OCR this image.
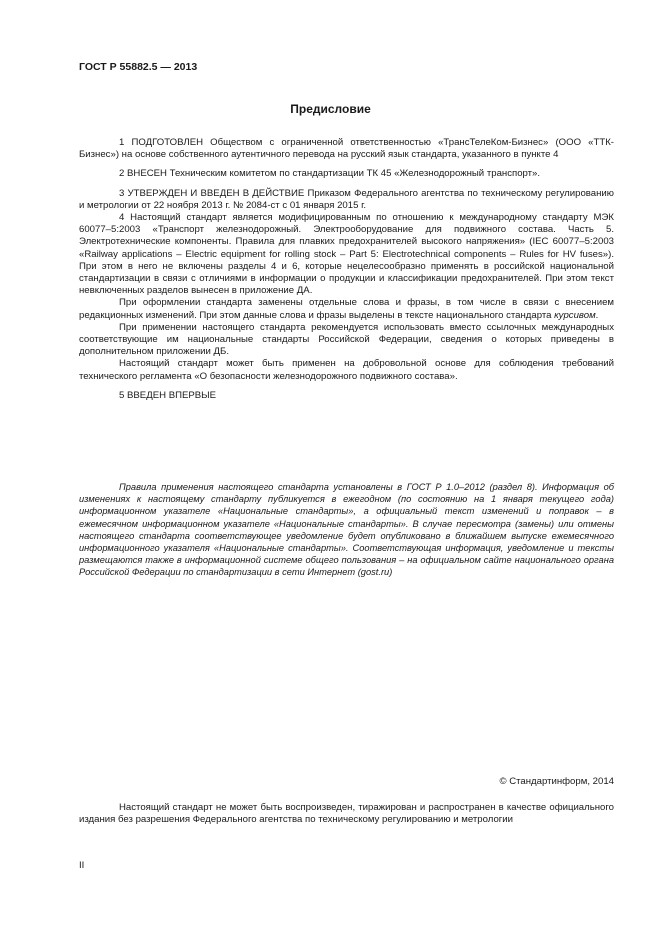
ГОСТ Р 55882.5 — 2013
Предисловие

1 ПОДГОТОВЛЕН Обществом с ограниченной ответственностью «ТрансТелеКом-Бизнес» (ООО «ТТК-Бизнес») на основе собственного аутентичного перевода на русский язык стандарта, указанного в пункте 4

2 ВНЕСЕН Техническим комитетом по стандартизации ТК 45 «Железнодорожный транспорт».

3 УТВЕРЖДЕН И ВВЕДЕН В ДЕЙСТВИЕ Приказом Федерального агентства по техническому регулированию и метрологии от 22 ноября 2013 г. № 2084-ст с 01 января 2015 г.

4 Настоящий стандарт является модифицированным по отношению к международному стандарту МЭК 60077–5:2003 «Транспорт железнодорожный. Электрооборудование для подвижного состава. Часть 5. Электротехнические компоненты. Правила для плавких предохранителей высокого напряжения» (IEC 60077–5:2003 «Railway applications – Electric equipment for rolling stock – Part 5: Electrotechnical components – Rules for HV fuses»). При этом в него не включены разделы 4 и 6, которые нецелесообразно применять в российской национальной стандартизации в связи с отличиями в информации о продукции и классификации предохранителей. При этом текст невключенных разделов вынесен в приложение ДА.

При оформлении стандарта заменены отдельные слова и фразы, в том числе в связи с внесением редакционных изменений. При этом данные слова и фразы выделены в тексте национального стандарта курсивом.

При применении настоящего стандарта рекомендуется использовать вместо ссылочных международных соответствующие им национальные стандарты Российской Федерации, сведения о которых приведены в дополнительном приложении ДБ.

Настоящий стандарт может быть применен на добровольной основе для соблюдения требований технического регламента «О безопасности железнодорожного подвижного состава».

5 ВВЕДЕН ВПЕРВЫЕ

Правила применения настоящего стандарта установлены в ГОСТ Р 1.0–2012 (раздел 8). Информация об изменениях к настоящему стандарту публикуется в ежегодном (по состоянию на 1 января текущего года) информационном указателе «Национальные стандарты», а официальный текст изменений и поправок – в ежемесячном информационном указателе «Национальные стандарты». В случае пересмотра (замены) или отмены настоящего стандарта соответствующее уведомление будет опубликовано в ближайшем выпуске ежемесячного информационного указателя «Национальные стандарты». Соответствующая информация, уведомление и тексты размещаются также в информационной системе общего пользования – на официальном сайте национального органа Российской Федерации по стандартизации в сети Интернет (gost.ru)

© Стандартинформ, 2014

Настоящий стандарт не может быть воспроизведен, тиражирован и распространен в качестве официального издания без разрешения Федерального агентства по техническому регулированию и метрологии

II
